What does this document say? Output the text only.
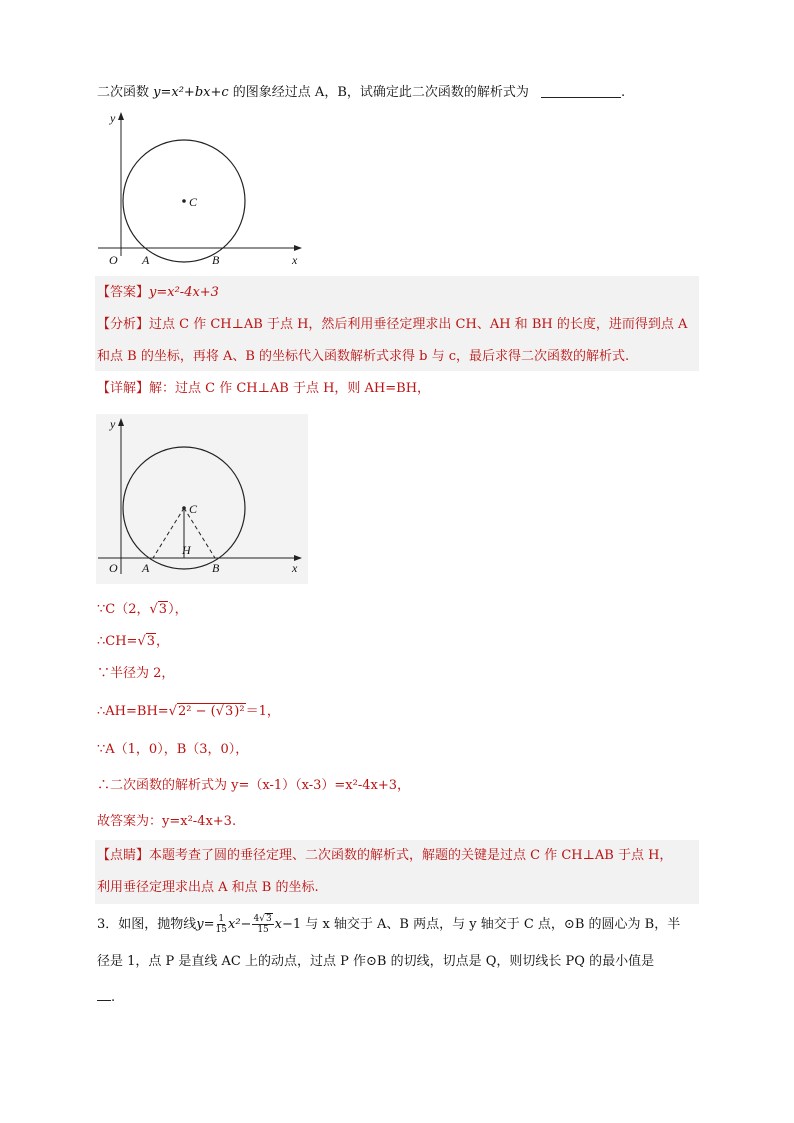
二次函数 y=x²+bx+c 的图象经过点 A，B，试确定此二次函数的解析式为	.
y
x
O A	B
C
【答案】y=x²-4x+3
【分析】过点 C 作 CH⊥AB 于点 H，然后利用垂径定理求出 CH、AH 和 BH 的长度，进而得到点 A
和点 B 的坐标，再将 A、B 的坐标代入函数解析式求得 b 与 c，最后求得二次函数的解析式.
【详解】解：过点 C 作 CH⊥AB 于点 H，则 AH=BH，
y
x
O A	B
C
H
∵C（2，√3），
∴CH=√3，
∵半径为 2，
∴AH=BH=√2² − (√3)²＝1，
∵A（1，0），B（3，0），
∴二次函数的解析式为 y=（x-1）（x-3）=x²-4x+3，
故答案为：y=x²-4x+3.
【点睛】本题考查了圆的垂径定理、二次函数的解析式，解题的关键是过点 C 作 CH⊥AB 于点 H，
利用垂径定理求出点 A 和点 B 的坐标.
3．如图，抛物线$y= \frac{1}{15} x^2- \frac{4√3}{15} x-1$ 与 x 轴交于 A、B 两点，与 y 轴交于 C 点，⊙B 的圆心为 B，半
径是 1，点 P 是直线 AC 上的动点，过点 P 作⊙B 的切线，切点是 Q，则切线长 PQ 的最小值是
.
